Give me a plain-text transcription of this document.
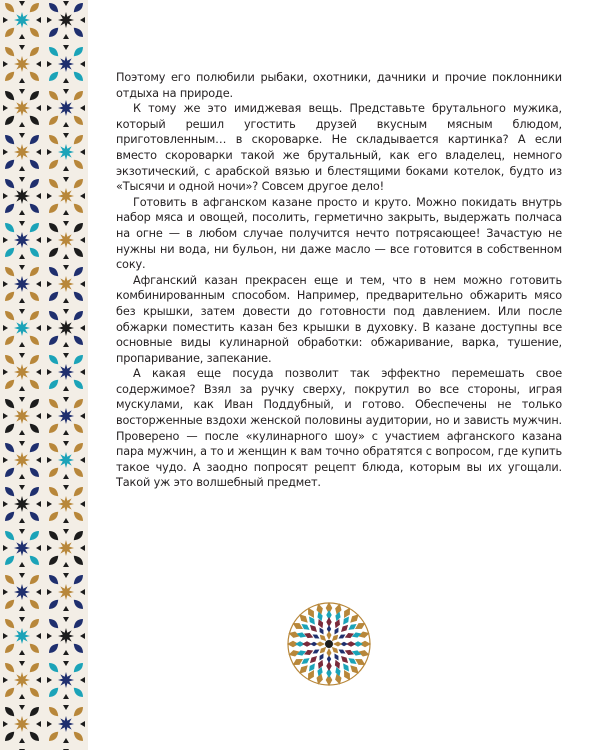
Поэтому его полюбили рыбаки, охотники, дачники и прочие поклонники отдыха на природе.

К тому же это имиджевая вещь. Представьте брутального мужика, который решил угостить друзей вкусным мясным блюдом, приготовленным… в скороварке. Не складывается картинка? А если вместо скороварки такой же брутальный, как его владелец, немного экзотический, с арабской вязью и блестящими боками котелок, будто из «Тысячи и одной ночи»? Совсем другое дело!

Готовить в афганском казане просто и круто. Можно покидать внутрь набор мяса и овощей, посолить, герметично закрыть, выдержать полчаса на огне — в любом случае получится нечто потрясающее! Зачастую не нужны ни вода, ни бульон, ни даже масло — все готовится в собственном соку.

Афганский казан прекрасен еще и тем, что в нем можно готовить комбинированным способом. Например, предварительно обжарить мясо без крышки, затем довести до готовности под давлением. Или после обжарки поместить казан без крышки в духовку. В казане доступны все основные виды кулинарной обработки: обжаривание, варка, тушение, пропаривание, запекание.

А какая еще посуда позволит так эффектно перемешать свое содержимое? Взял за ручку сверху, покрутил во все стороны, играя мускулами, как Иван Поддубный, и готово. Обеспечены не только восторженные вздохи женской половины аудитории, но и зависть мужчин. Проверено — после «кулинарного шоу» с участием афганского казана пара мужчин, а то и женщин к вам точно обратятся с вопросом, где купить такое чудо. А заодно попросят рецепт блюда, которым вы их угощали. Такой уж это волшебный предмет.
